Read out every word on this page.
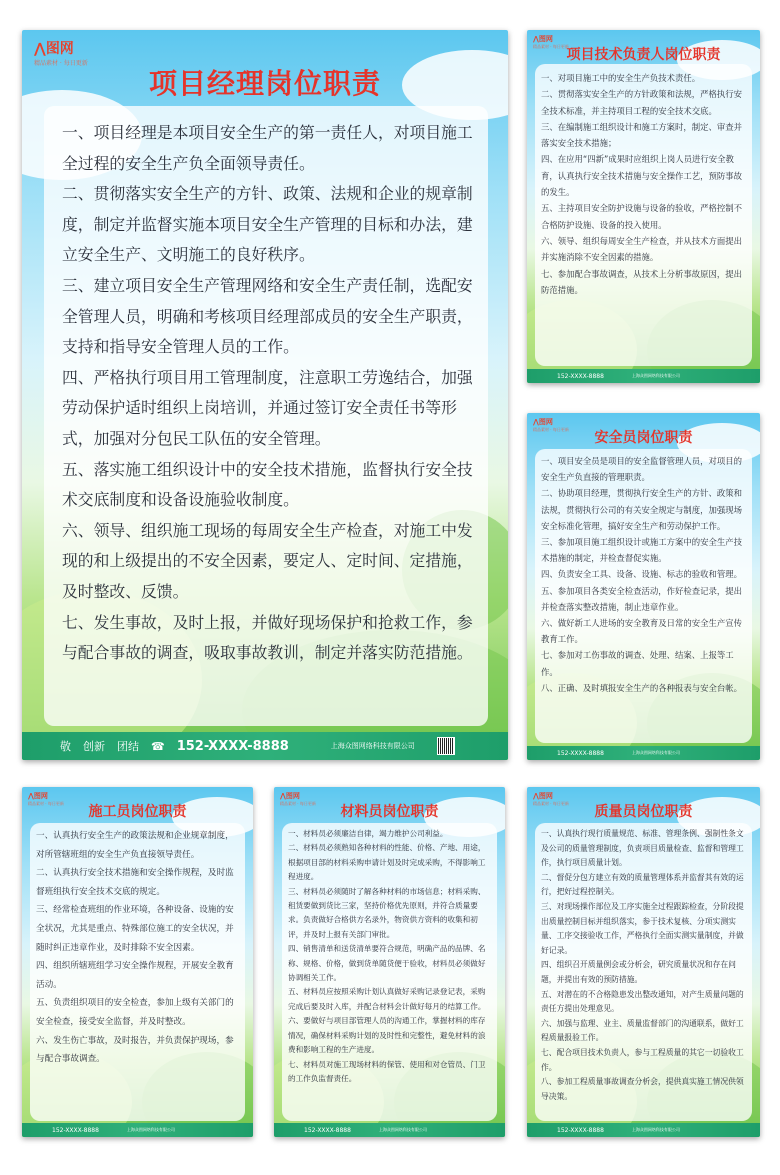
⋀图网
精品素材 · 每日更新
项目经理岗位职责
一、项目经理是本项目安全生产的第一责任人，对项目施工全过程的安全生产负全面领导责任。
二、贯彻落实安全生产的方针、政策、法规和企业的规章制度，制定并监督实施本项目安全生产管理的目标和办法，建立安全生产、文明施工的良好秩序。
三、建立项目安全生产管理网络和安全生产责任制，选配安全管理人员，明确和考核项目经理部成员的安全生产职责，支持和指导安全管理人员的工作。
四、严格执行项目用工管理制度，注意职工劳逸结合，加强劳动保护适时组织上岗培训，并通过签订安全责任书等形式，加强对分包民工队伍的安全管理。
五、落实施工组织设计中的安全技术措施，监督执行安全技术交底制度和设备设施验收制度。
六、领导、组织施工现场的每周安全生产检查，对施工中发现的和上级提出的不安全因素，要定人、定时间、定措施，及时整改、反馈。
七、发生事故，及时上报，并做好现场保护和抢救工作，参与配合事故的调查，吸取事故教训，制定并落实防范措施。
敬 创新 团结 ☎ 152-XXXX-8888	上海众图网络科技有限公司
⋀图网
精品素材 · 每日更新
项目技术负责人岗位职责
一、对项目施工中的安全生产负技术责任。
二、贯彻落实安全生产的方针政策和法规，严格执行安全技术标准，并主持项目工程的安全技术交底。
三、在编制施工组织设计和施工方案时，制定、审查并落实安全技术措施；
四、在应用“四新”成果时应组织上岗人员进行安全教育，认真执行安全技术措施与安全操作工艺，预防事故的发生。
五、主持项目安全防护设施与设备的验收，严格控制不合格防护设施、设备的投入使用。
六、领导、组织每周安全生产检查，并从技术方面提出并实施消除不安全因素的措施。
七、参加配合事故调查，从技术上分析事故原因，提出防范措施。
152-XXXX-8888	上海众图网络科技有限公司
⋀图网
精品素材 · 每日更新
安全员岗位职责
一、项目安全员是项目的安全监督管理人员，对项目的安全生产负直接的管理职责。
二、协助项目经理，贯彻执行安全生产的方针、政策和法规，贯彻执行公司的有关安全规定与制度，加强现场安全标准化管理，搞好安全生产和劳动保护工作。
三、参加项目施工组织设计或施工方案中的安全生产技术措施的制定，并检查督促实施。
四、负责安全工具、设备、设施、标志的验收和管理。
五、参加项目各类安全检查活动，作好检查记录，提出并检查落实整改措施，制止违章作业。
六、做好新工人进场的安全教育及日常的安全生产宣传教育工作。
七、参加对工伤事故的调查、处理、结案、上报等工作。
八、正确、及时填报安全生产的各种报表与安全台帐。
152-XXXX-8888	上海众图网络科技有限公司
⋀图网
精品素材 · 每日更新
施工员岗位职责
一、认真执行安全生产的政策法规和企业规章制度，对所管辖班组的安全生产负直接领导责任。
二、认真执行安全技术措施和安全操作规程，及时监督班组执行安全技术交底的规定。
三、经常检查班组的作业环境，各种设备、设施的安全状况，尤其是重点、特殊部位施工的安全状况，并随时纠正违章作业，及时排除不安全因素。
四、组织所辖班组学习安全操作规程，开展安全教育活动。
五、负责组织项目的安全检查，参加上级有关部门的安全检查，接受安全监督，并及时整改。
六、发生伤亡事故，及时报告，并负责保护现场，参与配合事故调查。
152-XXXX-8888	上海众图网络科技有限公司
⋀图网
精品素材 · 每日更新
材料员岗位职责
一、材料员必须廉洁自律，竭力维护公司利益。
二、材料员必须熟知各种材料的性能、价格、产地、用途，根据项目部的材料采购申请计划及时完成采购，不得影响工程进度。
三、材料员必须随时了解各种材料的市场信息；材料采购、租赁要做到货比三家，坚持价格优先原则，并符合质量要求。负责做好合格供方名录外，物资供方资料的收集和初评，并及时上报有关部门审批。
四、销售清单和送货清单要符合规范，明确产品的品牌、名称、规格、价格，做到货单随货便于验收，材料员必须做好协调相关工作。
五、材料员应按照采购计划认真做好采购记录登记表，采购完成后要及时入库，并配合材料会计做好每月的结算工作。
六、要做好与项目部管理人员的沟通工作，掌握材料的库存情况，确保材料采购计划的及时性和完整性，避免材料的浪费和影响工程的生产进度。
七、材料员对施工现场材料的保管、使用和对仓管员、门卫的工作负监督责任。
152-XXXX-8888	上海众图网络科技有限公司
⋀图网
精品素材 · 每日更新
质量员岗位职责
一、认真执行现行质量规范、标准、管理条例、强制性条文及公司的质量管理制度，负责项目质量检查、监督和管理工作，执行项目质量计划。
二、督促分包方建立有效的质量管理体系并监督其有效的运行，把好过程控制关。
三、对现场操作部位及工序实施全过程跟踪检查，分阶段提出质量控制目标并组织落实，参于技术复核、分项实测实量、工序交接验收工作，严格执行全面实测实量制度，并做好记录。
四、组织召开质量例会或分析会，研究质量状况和存在问题，并提出有效的预防措施。
五、对潜在的不合格隐患发出整改通知，对产生质量问题的责任方提出处理意见。
六、加强与监理、业主、质量监督部门的沟通联系，做好工程质量报验工作。
七、配合项目技术负责人，参与工程质量的其它一切验收工作。
八、参加工程质量事故调查分析会，提供真实施工情况供领导决策。
152-XXXX-8888	上海众图网络科技有限公司
